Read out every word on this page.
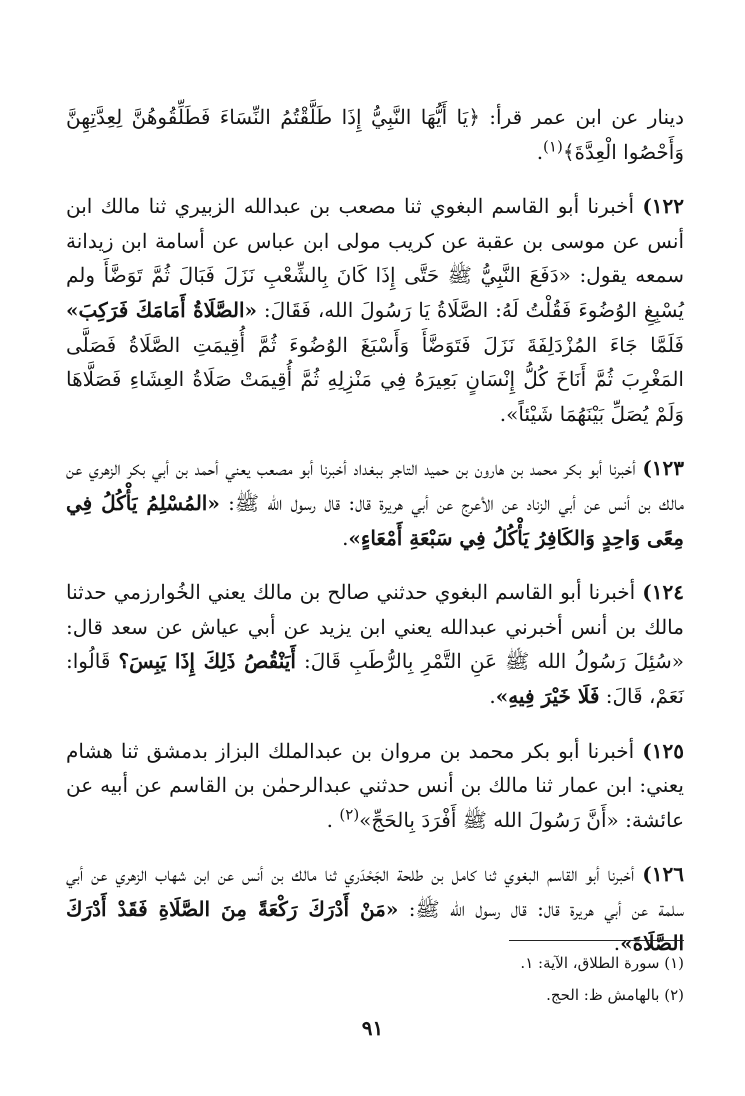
دينار عن ابن عمر قرأ: ﴿يَا أَيُّهَا النَّبِيُّ إِذَا طَلَّقْتُمُ النِّسَاءَ فَطَلِّقُوهُنَّ لِعِدَّتِهِنَّ وَأَحْصُوا الْعِدَّةَ﴾$^{(١)}$.

١٢٢) أخبرنا أبو القاسم البغوي ثنا مصعب بن عبدالله الزبيري ثنا مالك ابن أنس عن موسى بن عقبة عن كريب مولى ابن عباس عن أسامة ابن زيدانة سمعه يقول: «دَفَعَ النَّبِيُّ ﷺ حَتَّى إِذَا كَانَ بِالشِّعْبِ نَزَلَ فَبَالَ ثُمَّ تَوَضَّأَ ولم يُسْبِغِ الوُضُوءَ فَقُلْتُ لَهُ: الصَّلَاةُ يَا رَسُولَ الله، فَقَالَ: «الصَّلَاةُ أَمَامَكَ فَرَكِبَ» فَلَمَّا جَاءَ المُزْدَلِفَةَ نَزَلَ فَتَوَضَّأَ وَأَسْبَغَ الوُضُوءَ ثُمَّ أُقِيمَتِ الصَّلَاةُ فَصَلَّى المَغْرِبَ ثُمَّ أَنَاخَ كُلُّ إِنْسَانٍ بَعِيرَهُ فِي مَنْزِلِهِ ثُمَّ أُقِيمَتْ صَلَاةُ العِشَاءِ فَصَلَّاهَا وَلَمْ يُصَلِّ بَيْنَهُمَا شَيْئاً».

١٢٣) أخبرنا أبو بكر محمد بن هارون بن حميد التاجر ببغداد أخبرنا أبو مصعب يعني أحمد بن أبي بكر الزهري عن مالك بن أنس عن أبي الزناد عن الأعرج عن أبي هريرة قال: قال رسول الله ﷺ: «المُسْلِمُ يَأْكُلُ فِي مِعًى وَاحِدٍ وَالكَافِرُ يَأْكُلُ فِي سَبْعَةِ أَمْعَاءٍ».

١٢٤) أخبرنا أبو القاسم البغوي حدثني صالح بن مالك يعني الخُوارزمي حدثنا مالك بن أنس أخبرني عبدالله يعني ابن يزيد عن أبي عياش عن سعد قال: «سُئِلَ رَسُولُ الله ﷺ عَنِ التَّمْرِ بِالرُّطَبِ قَالَ: أَيَنْقُصُ ذَلِكَ إِذَا يَبِسَ؟ قَالُوا: نَعَمْ، قَالَ: فَلَا خَيْرَ فِيهِ».

١٢٥) أخبرنا أبو بكر محمد بن مروان بن عبدالملك البزاز بدمشق ثنا هشام يعني: ابن عمار ثنا مالك بن أنس حدثني عبدالرحمٰن بن القاسم عن أبيه عن عائشة: «أَنَّ رَسُولَ الله ﷺ أَفْرَدَ بِالحَجِّ»$^{(٢)}$ .

١٢٦) أخبرنا أبو القاسم البغوي ثنا كامل بن طلحة الجَحْدَري ثنا مالك بن أنس عن ابن شهاب الزهري عن أبي سلمة عن أبي هريرة قال: قال رسول الله ﷺ: «مَنْ أَدْرَكَ رَكْعَةً مِنَ الصَّلَاةِ فَقَدْ أَدْرَكَ الصَّلَاةَ».

(١) سورة الطلاق، الآية: ١.
(٢) بالهامش ظ: الحج.
٩١
